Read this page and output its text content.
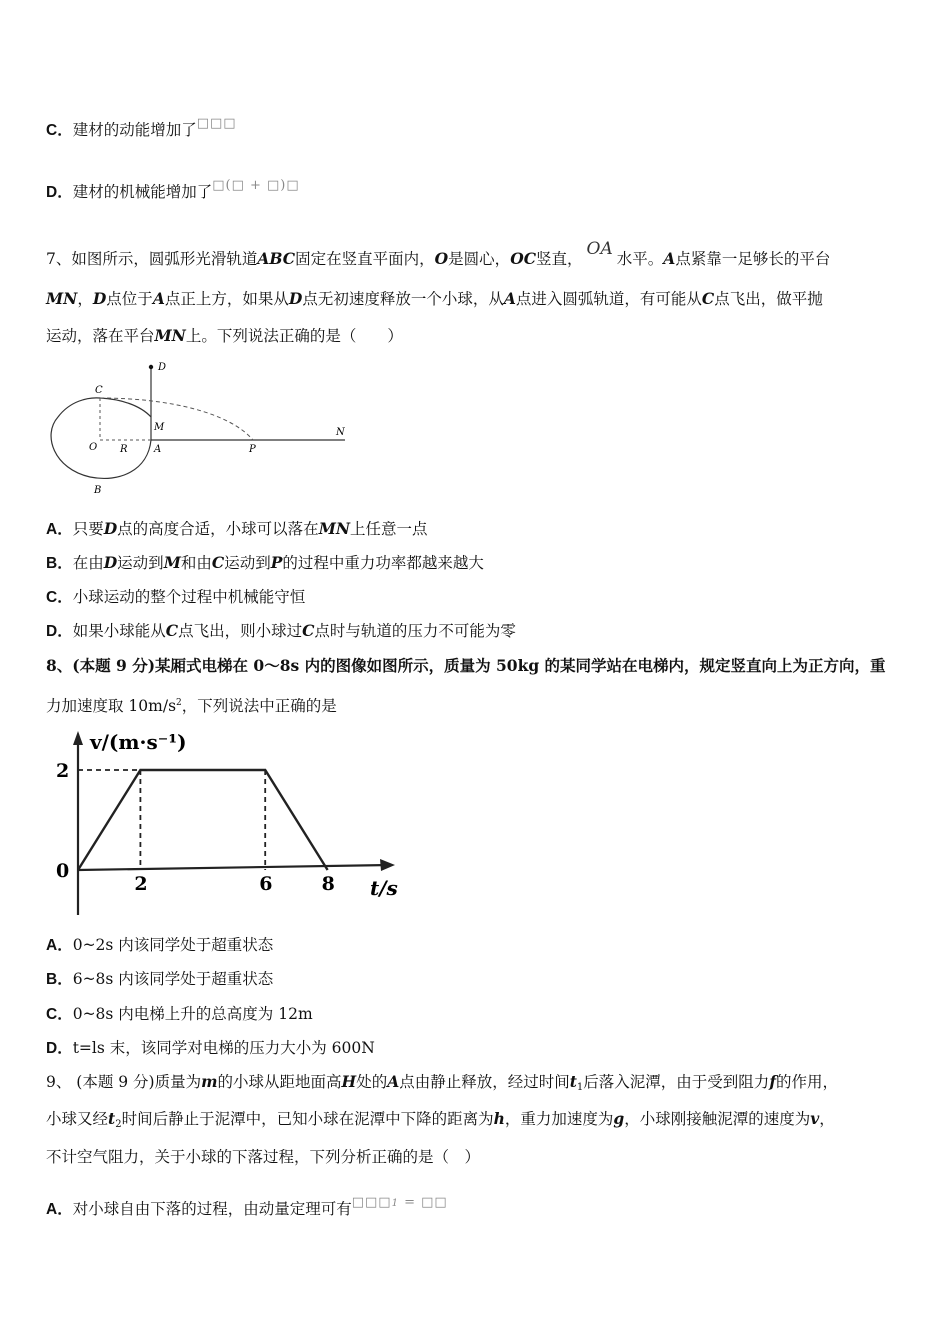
C．建材的动能增加了□□□
D．建材的机械能增加了□(□ + □)□
7、如图所示，圆弧形光滑轨道ABC固定在竖直平面内，O是圆心，OC竖直， OA 水平。A点紧靠一足够长的平台
MN，D点位于A点正上方，如果从D点无初速度释放一个小球，从A点进入圆弧轨道，有可能从C点飞出，做平抛
运动，落在平台MN上。下列说法正确的是（　　）
D
C
M	N
O R	A	P
B
A．只要D点的高度合适，小球可以落在MN上任意一点
B．在由D运动到M和由C运动到P的过程中重力功率都越来越大
C．小球运动的整个过程中机械能守恒
D．如果小球能从C点飞出，则小球过C点时与轨道的压力不可能为零
8、(本题 9 分)某厢式电梯在 0～8s 内的图像如图所示，质量为 50kg 的某同学站在电梯内，规定竖直向上为正方向，重
力加速度取 $10m/s^2$，下列说法中正确的是
v/(m·s⁻¹)
t/s
2	6	8
0
2
A．0~2s 内该同学处于超重状态
B．6~8s 内该同学处于超重状态
C．0~8s 内电梯上升的总高度为 12m
D．t=ls 末，该同学对电梯的压力大小为 600N
9、 (本题 9 分)质量为m的小球从距地面高H处的A点由静止释放，经过时间$t_1$后落入泥潭，由于受到阻力f的作用，
小球又经$t_2$时间后静止于泥潭中，已知小球在泥潭中下降的距离为h，重力加速度为g，小球刚接触泥潭的速度为v，
不计空气阻力，关于小球的下落过程，下列分析正确的是（　）
A．对小球自由下落的过程，由动量定理可有$^{□□□1}$ = □□
